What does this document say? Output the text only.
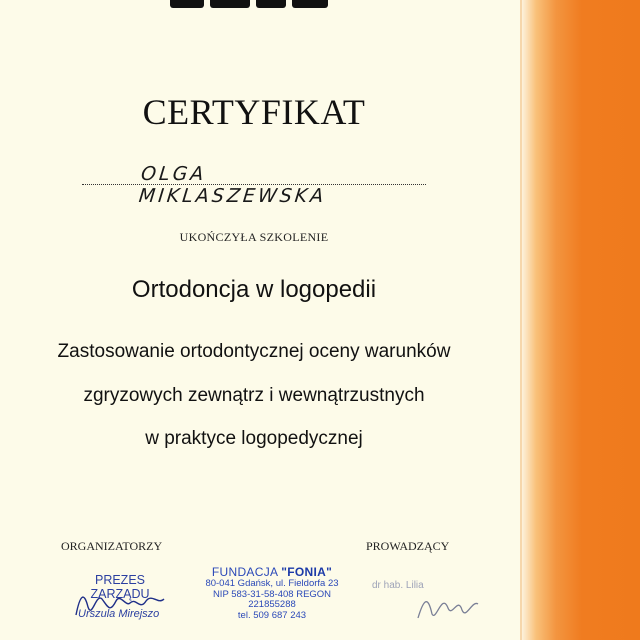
CERTYFIKAT
OLGA MIKLASZEWSKA
UKOŃCZYŁA SZKOLENIE
Ortodoncja w logopedii
Zastosowanie ortodontycznej oceny warunków
zgryzowych zewnątrz i wewnątrzustnych
w praktyce logopedycznej
ORGANIZATORZY	PROWADZĄCY
PREZES ZARZĄDU
Urszula Mirejszo
FUNDACJA "FONIA"
80-041 Gdańsk, ul. Fieldorfa 23
NIP 583-31-58-408 REGON 221855288
tel. 509 687 243
dr hab. Lilia
